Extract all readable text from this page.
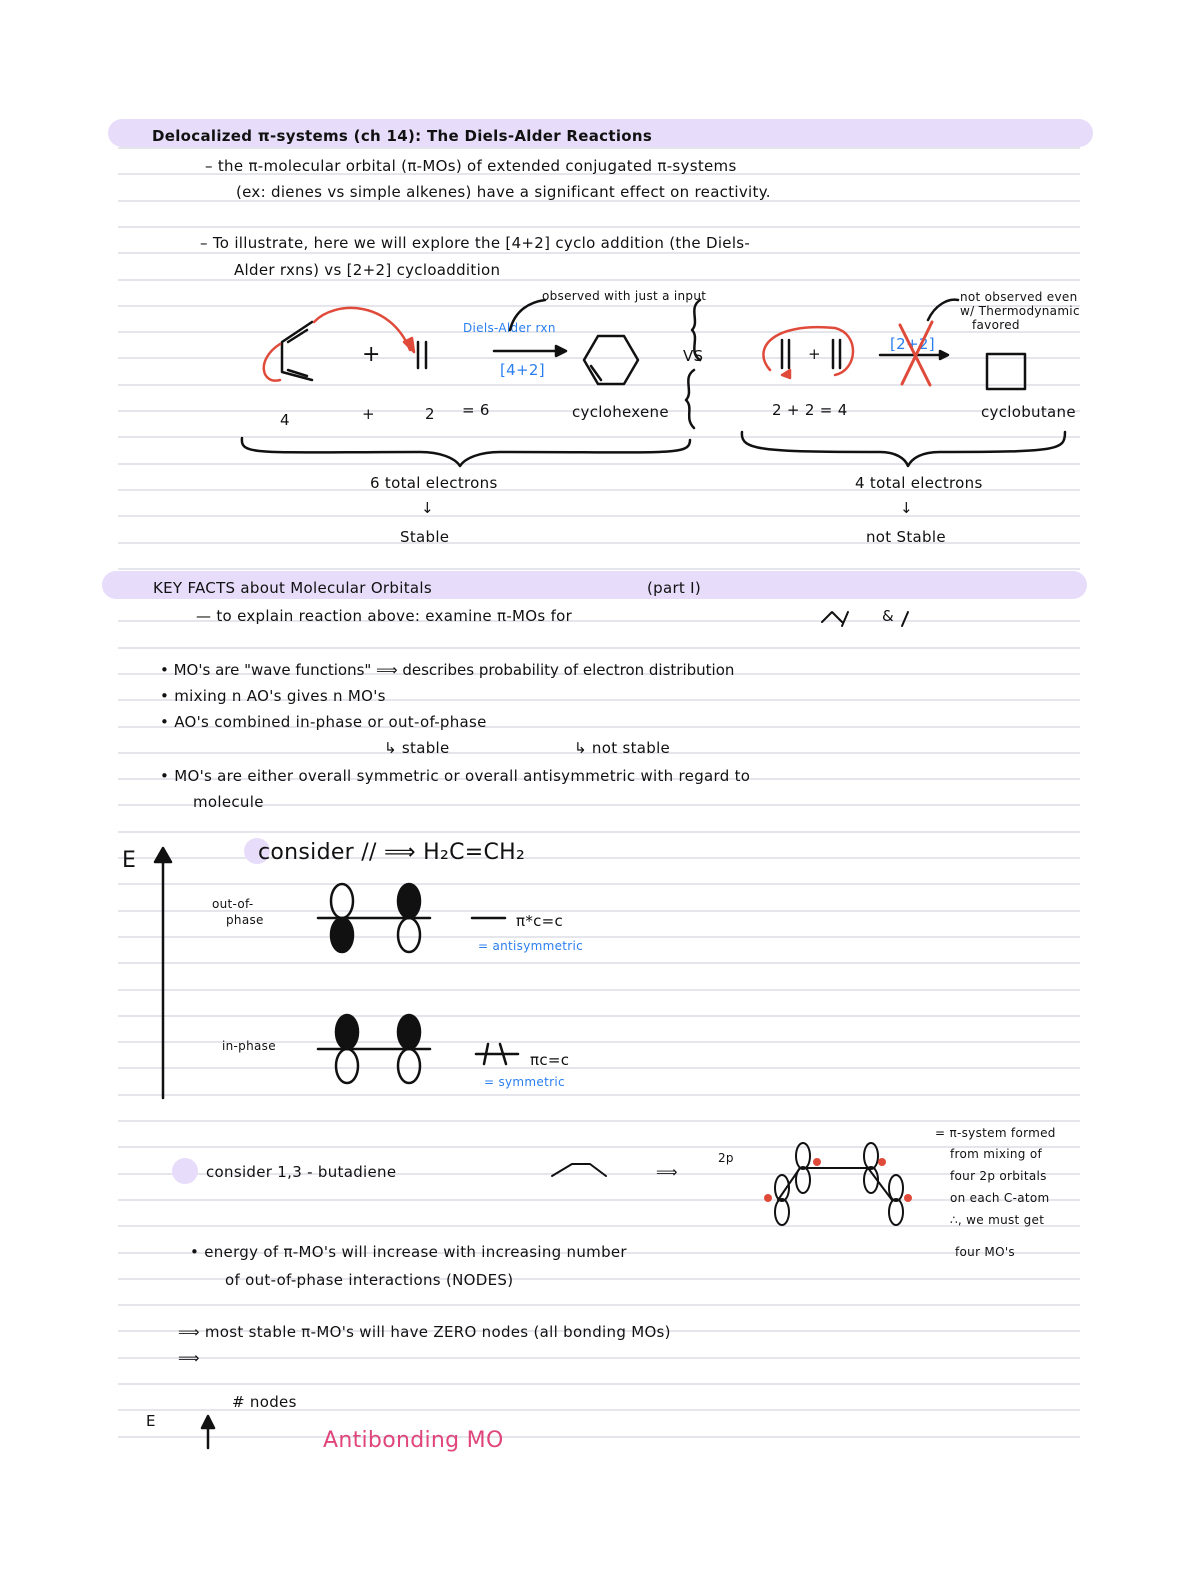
Delocalized π-systems (ch 14): The Diels-Alder Reactions
– the π-molecular orbital (π-MOs) of extended conjugated π-systems
(ex: dienes vs simple alkenes) have a significant effect on reactivity.
– To illustrate, here we will explore the [4+2] cyclo addition (the Diels-
Alder rxns) vs [2+2] cycloaddition
observed with just a input
Diels-Alder rxn
[4+2]
+
cyclohexene
4	+	2 = 6
6 total electrons
↓
Stable
VS
not observed even
w/ Thermodynamic
favored
[2+2]
+
cyclobutane
2 + 2 = 4
4 total electrons
↓
not Stable
KEY FACTS about Molecular Orbitals	(part I)
— to explain reaction above: examine π-MOs for	&
• MO's are "wave functions" ⟹ describes probability of electron distribution
• mixing n AO's gives n MO's
• AO's combined in-phase or out-of-phase
↳ stable	↳ not stable
• MO's are either overall symmetric or overall antisymmetric with regard to
molecule
consider // ⟹ H₂C=CH₂
E
out-of-
phase	π*c=c
= antisymmetric
in-phase
πc=c
= symmetric
consider 1,3 - butadiene	⟹
2p
= π-system formed
from mixing of
four 2p orbitals
on each C-atom
∴, we must get
four MO's
• energy of π-MO's will increase with increasing number
of out-of-phase interactions (NODES)
⟹ most stable π-MO's will have ZERO nodes (all bonding MOs)
⟹
E
# nodes
Antibonding MO
